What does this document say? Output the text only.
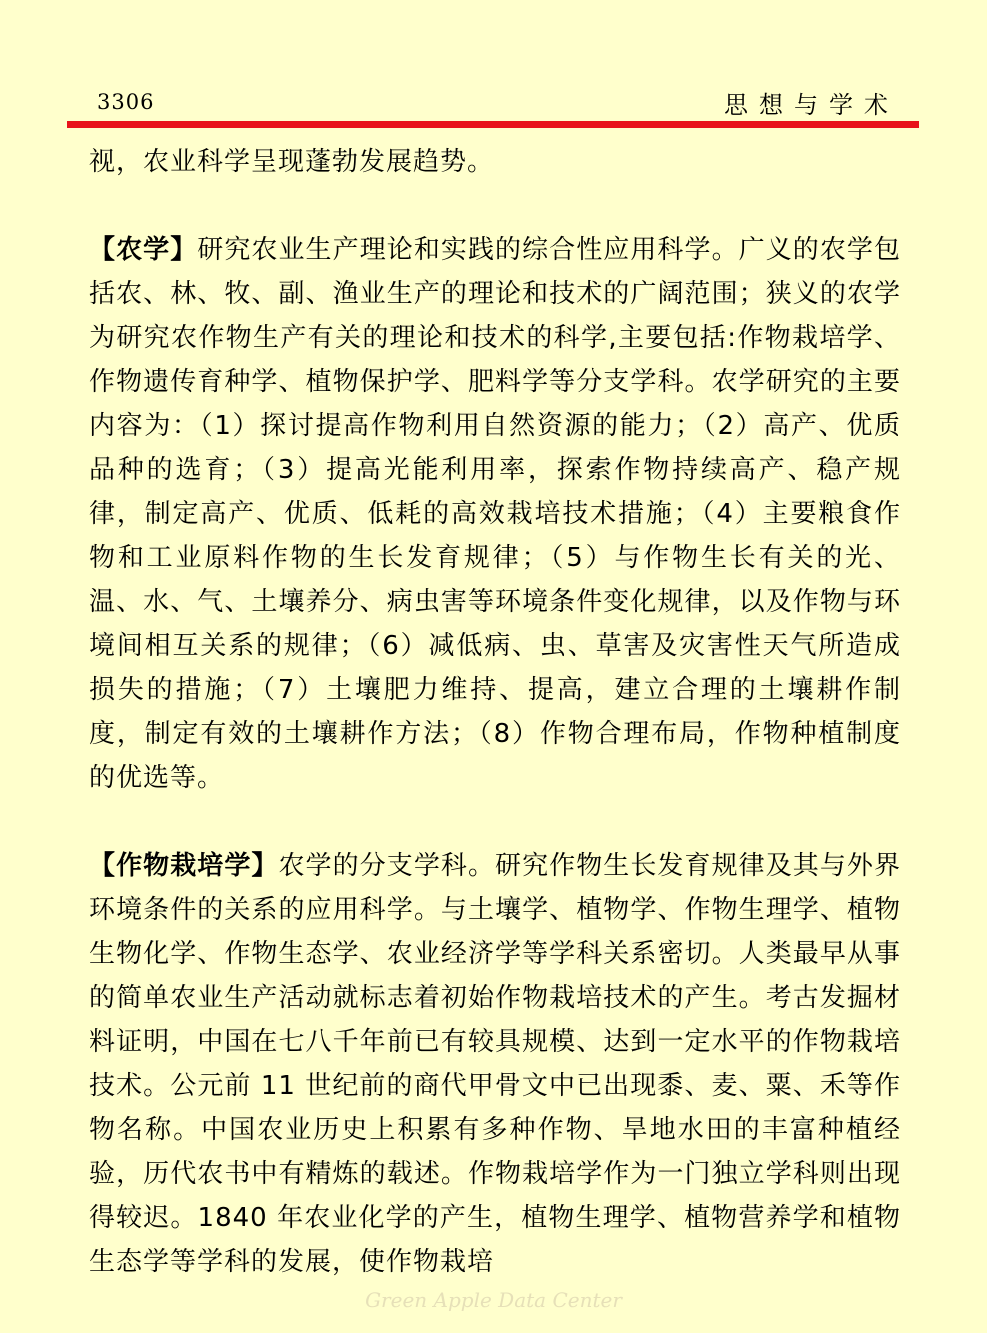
3306	思想与学术

视，农业科学呈现蓬勃发展趋势。

【农学】研究农业生产理论和实践的综合性应用科学。广义的农学包括农、林、牧、副、渔业生产的理论和技术的广阔范围；狭义的农学为研究农作物生产有关的理论和技术的科学,主要包括:作物栽培学、作物遗传育种学、植物保护学、肥料学等分支学科。农学研究的主要内容为：（1）探讨提高作物利用自然资源的能力；（2）高产、优质品种的选育；（3）提高光能利用率，探索作物持续高产、稳产规律，制定高产、优质、低耗的高效栽培技术措施；（4）主要粮食作物和工业原料作物的生长发育规律；（5）与作物生长有关的光、温、水、气、土壤养分、病虫害等环境条件变化规律，以及作物与环境间相互关系的规律；（6）减低病、虫、草害及灾害性天气所造成损失的措施；（7）土壤肥力维持、提高，建立合理的土壤耕作制度，制定有效的土壤耕作方法；（8）作物合理布局，作物种植制度的优选等。

【作物栽培学】农学的分支学科。研究作物生长发育规律及其与外界环境条件的关系的应用科学。与土壤学、植物学、作物生理学、植物生物化学、作物生态学、农业经济学等学科关系密切。人类最早从事的简单农业生产活动就标志着初始作物栽培技术的产生。考古发掘材料证明，中国在七八千年前已有较具规模、达到一定水平的作物栽培技术。公元前 11 世纪前的商代甲骨文中已出现黍、麦、粟、禾等作物名称。中国农业历史上积累有多种作物、旱地水田的丰富种植经验，历代农书中有精炼的载述。作物栽培学作为一门独立学科则出现得较迟。1840 年农业化学的产生，植物生理学、植物营养学和植物生态学等学科的发展，使作物栽培

Green Apple Data Center
